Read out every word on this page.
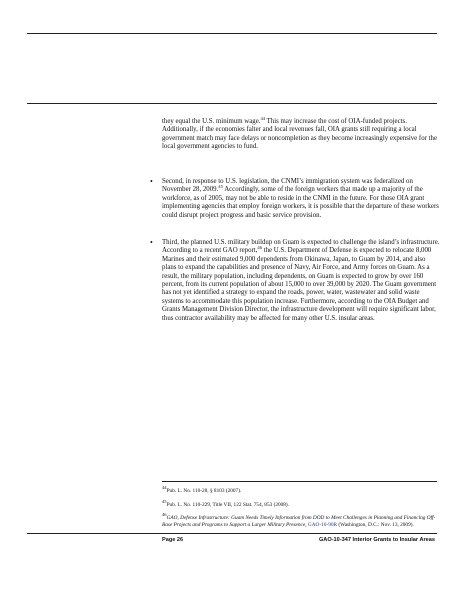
they equal the U.S. minimum wage.$^{44}$ This may increase the cost of OIA-funded projects. Additionally, if the economies falter and local revenues fall, OIA grants still requiring a local government match may face delays or noncompletion as they become increasingly expensive for the local government agencies to fund.
• Second, in response to U.S. legislation, the CNMI’s immigration system was federalized on November 28, 2009.45 Accordingly, some of the foreign workers that made up a majority of the workforce, as of 2005, may not be able to reside in the CNMI in the future. For those OIA grant implementing agencies that employ foreign workers, it is possible that the departure of these workers could disrupt project progress and basic service provision.
• Third, the planned U.S. military buildup on Guam is expected to challenge the island’s infrastructure. According to a recent GAO report,$^{46}$ the U.S. Department of Defense is expected to relocate 8,000 Marines and their estimated 9,000 dependents from Okinawa, Japan, to Guam by 2014, and also plans to expand the capabilities and presence of Navy, Air Force, and Army forces on Guam. As a result, the military population, including dependents, on Guam is expected to grow by over 160 percent, from its current population of about 15,000 to over 39,000 by 2020. The Guam government has not yet identified a strategy to expand the roads, power, water, wastewater and solid waste systems to accommodate this population increase. Furthermore, according to the OIA Budget and Grants Management Division Director, the infrastructure development will require significant labor, thus contractor availability may be affected for many other U.S. insular areas.
$^{44}$Pub. L. No. 110-28, § 8103 (2007).
$^{45}$Pub. L. No. 110-229, Title VII, 122 Stat. 754, 853 (2008).
$^{46}$GAO, Defense Infrastructure: Guam Needs Timely Information from DOD to Meet Challenges in Planning and Financing Off-Base Projects and Programs to Support a Larger Military Presence, GAO-10-90R (Washington, D.C.: Nov. 13, 2009).
Page 26	GAO-10-347 Interior Grants to Insular Areas
